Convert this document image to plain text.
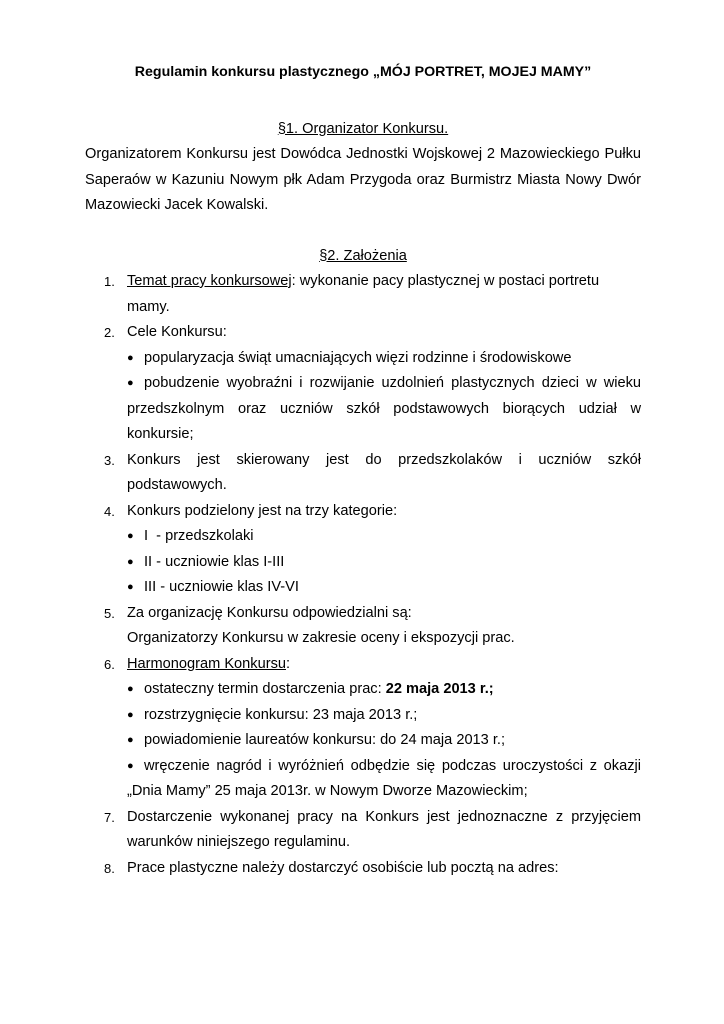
Regulamin konkursu plastycznego „MÓJ PORTRET, MOJEJ MAMY”

§1. Organizator Konkursu.

Organizatorem Konkursu jest Dowódca Jednostki Wojskowej 2 Mazowieckiego Pułku Saperaów w Kazuniu Nowym płk Adam Przygoda oraz Burmistrz Miasta Nowy Dwór Mazowiecki Jacek Kowalski.

§2. Założenia

1. Temat pracy konkursowej: wykonanie pacy plastycznej w postaci portretu mamy.

2. Cele Konkursu:

● popularyzacja świąt umacniających więzi rodzinne i środowiskowe
● pobudzenie wyobraźni i rozwijanie uzdolnień plastycznych dzieci w wieku przedszkolnym oraz uczniów szkół podstawowych biorących udział w konkursie;
3. Konkurs jest skierowany jest do przedszkolaków i uczniów szkół podstawowych.

4. Konkurs podzielony jest na trzy kategorie:

● I  - przedszkolaki
● II - uczniowie klas I-III
● III - uczniowie klas IV-VI
5. Za organizację Konkursu odpowiedzialni są:

Organizatorzy Konkursu w zakresie oceny i ekspozycji prac.

6. Harmonogram Konkursu:

● ostateczny termin dostarczenia prac: 22 maja 2013 r.;
● rozstrzygnięcie konkursu: 23 maja 2013 r.;
● powiadomienie laureatów konkursu: do 24 maja 2013 r.;
● wręczenie nagród i wyróżnień odbędzie się podczas uroczystości z okazji „Dnia Mamy” 25 maja 2013r. w Nowym Dworze Mazowieckim;
7. Dostarczenie wykonanej pracy na Konkurs jest jednoznaczne z przyjęciem warunków niniejszego regulaminu.

8. Prace plastyczne należy dostarczyć osobiście lub pocztą na adres:
